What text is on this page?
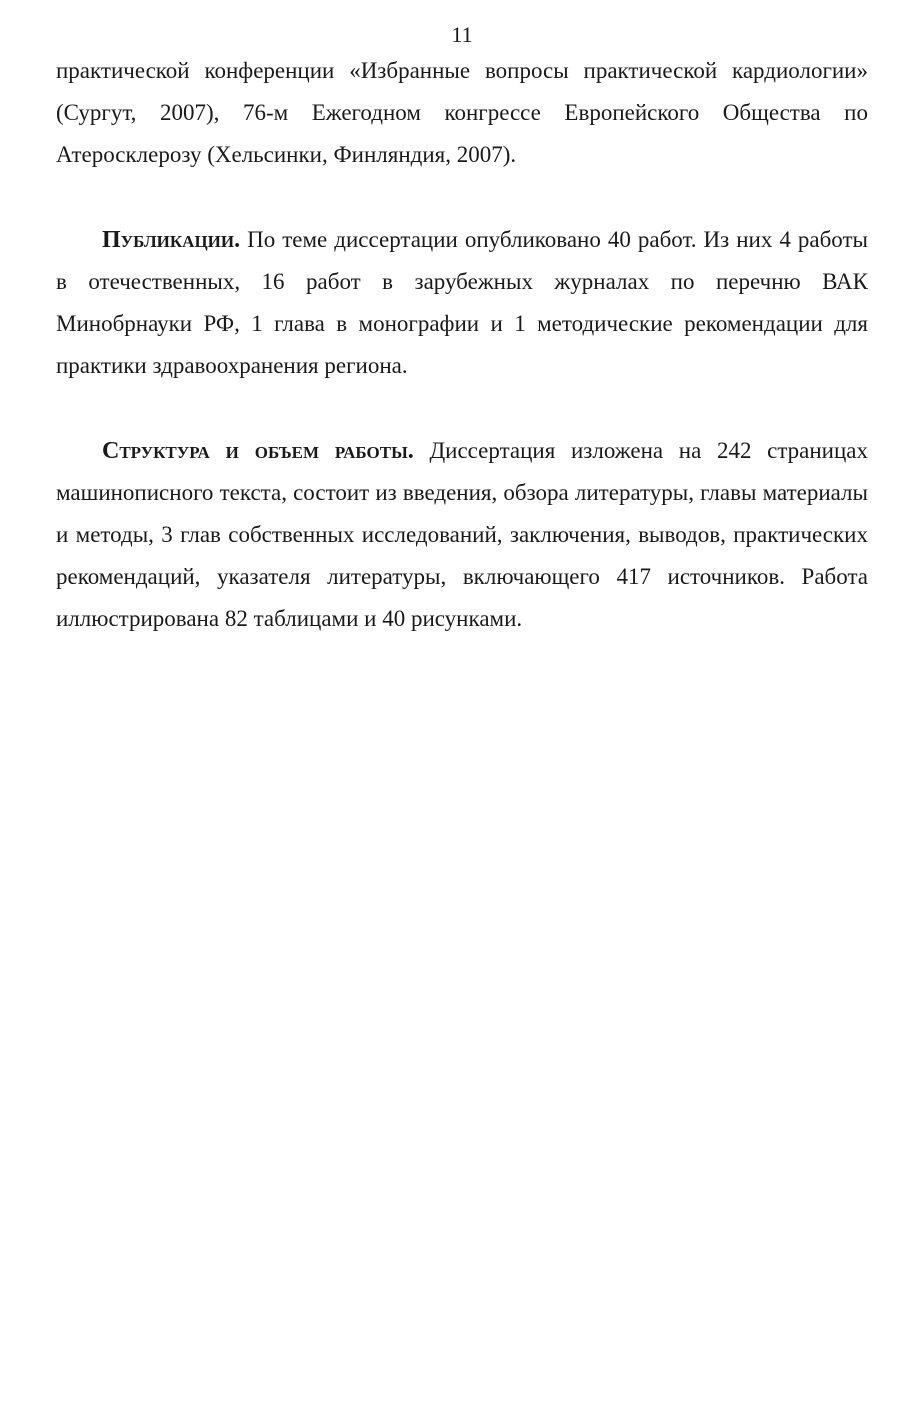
11

практической конференции «Избранные вопросы практической кардиологии» (Сургут, 2007), 76-м Ежегодном конгрессе Европейского Общества по Атеросклерозу (Хельсинки, Финляндия, 2007).

Публикации. По теме диссертации опубликовано 40 работ. Из них 4 работы в отечественных, 16 работ в зарубежных журналах по перечню ВАК Минобрнауки РФ, 1 глава в монографии и 1 методические рекомендации для практики здравоохранения региона.

Структура и объем работы. Диссертация изложена на 242 страницах машинописного текста, состоит из введения, обзора литературы, главы материалы и методы, 3 глав собственных исследований, заключения, выводов, практических рекомендаций, указателя литературы, включающего 417 источников. Работа иллюстрирована 82 таблицами и 40 рисунками.
